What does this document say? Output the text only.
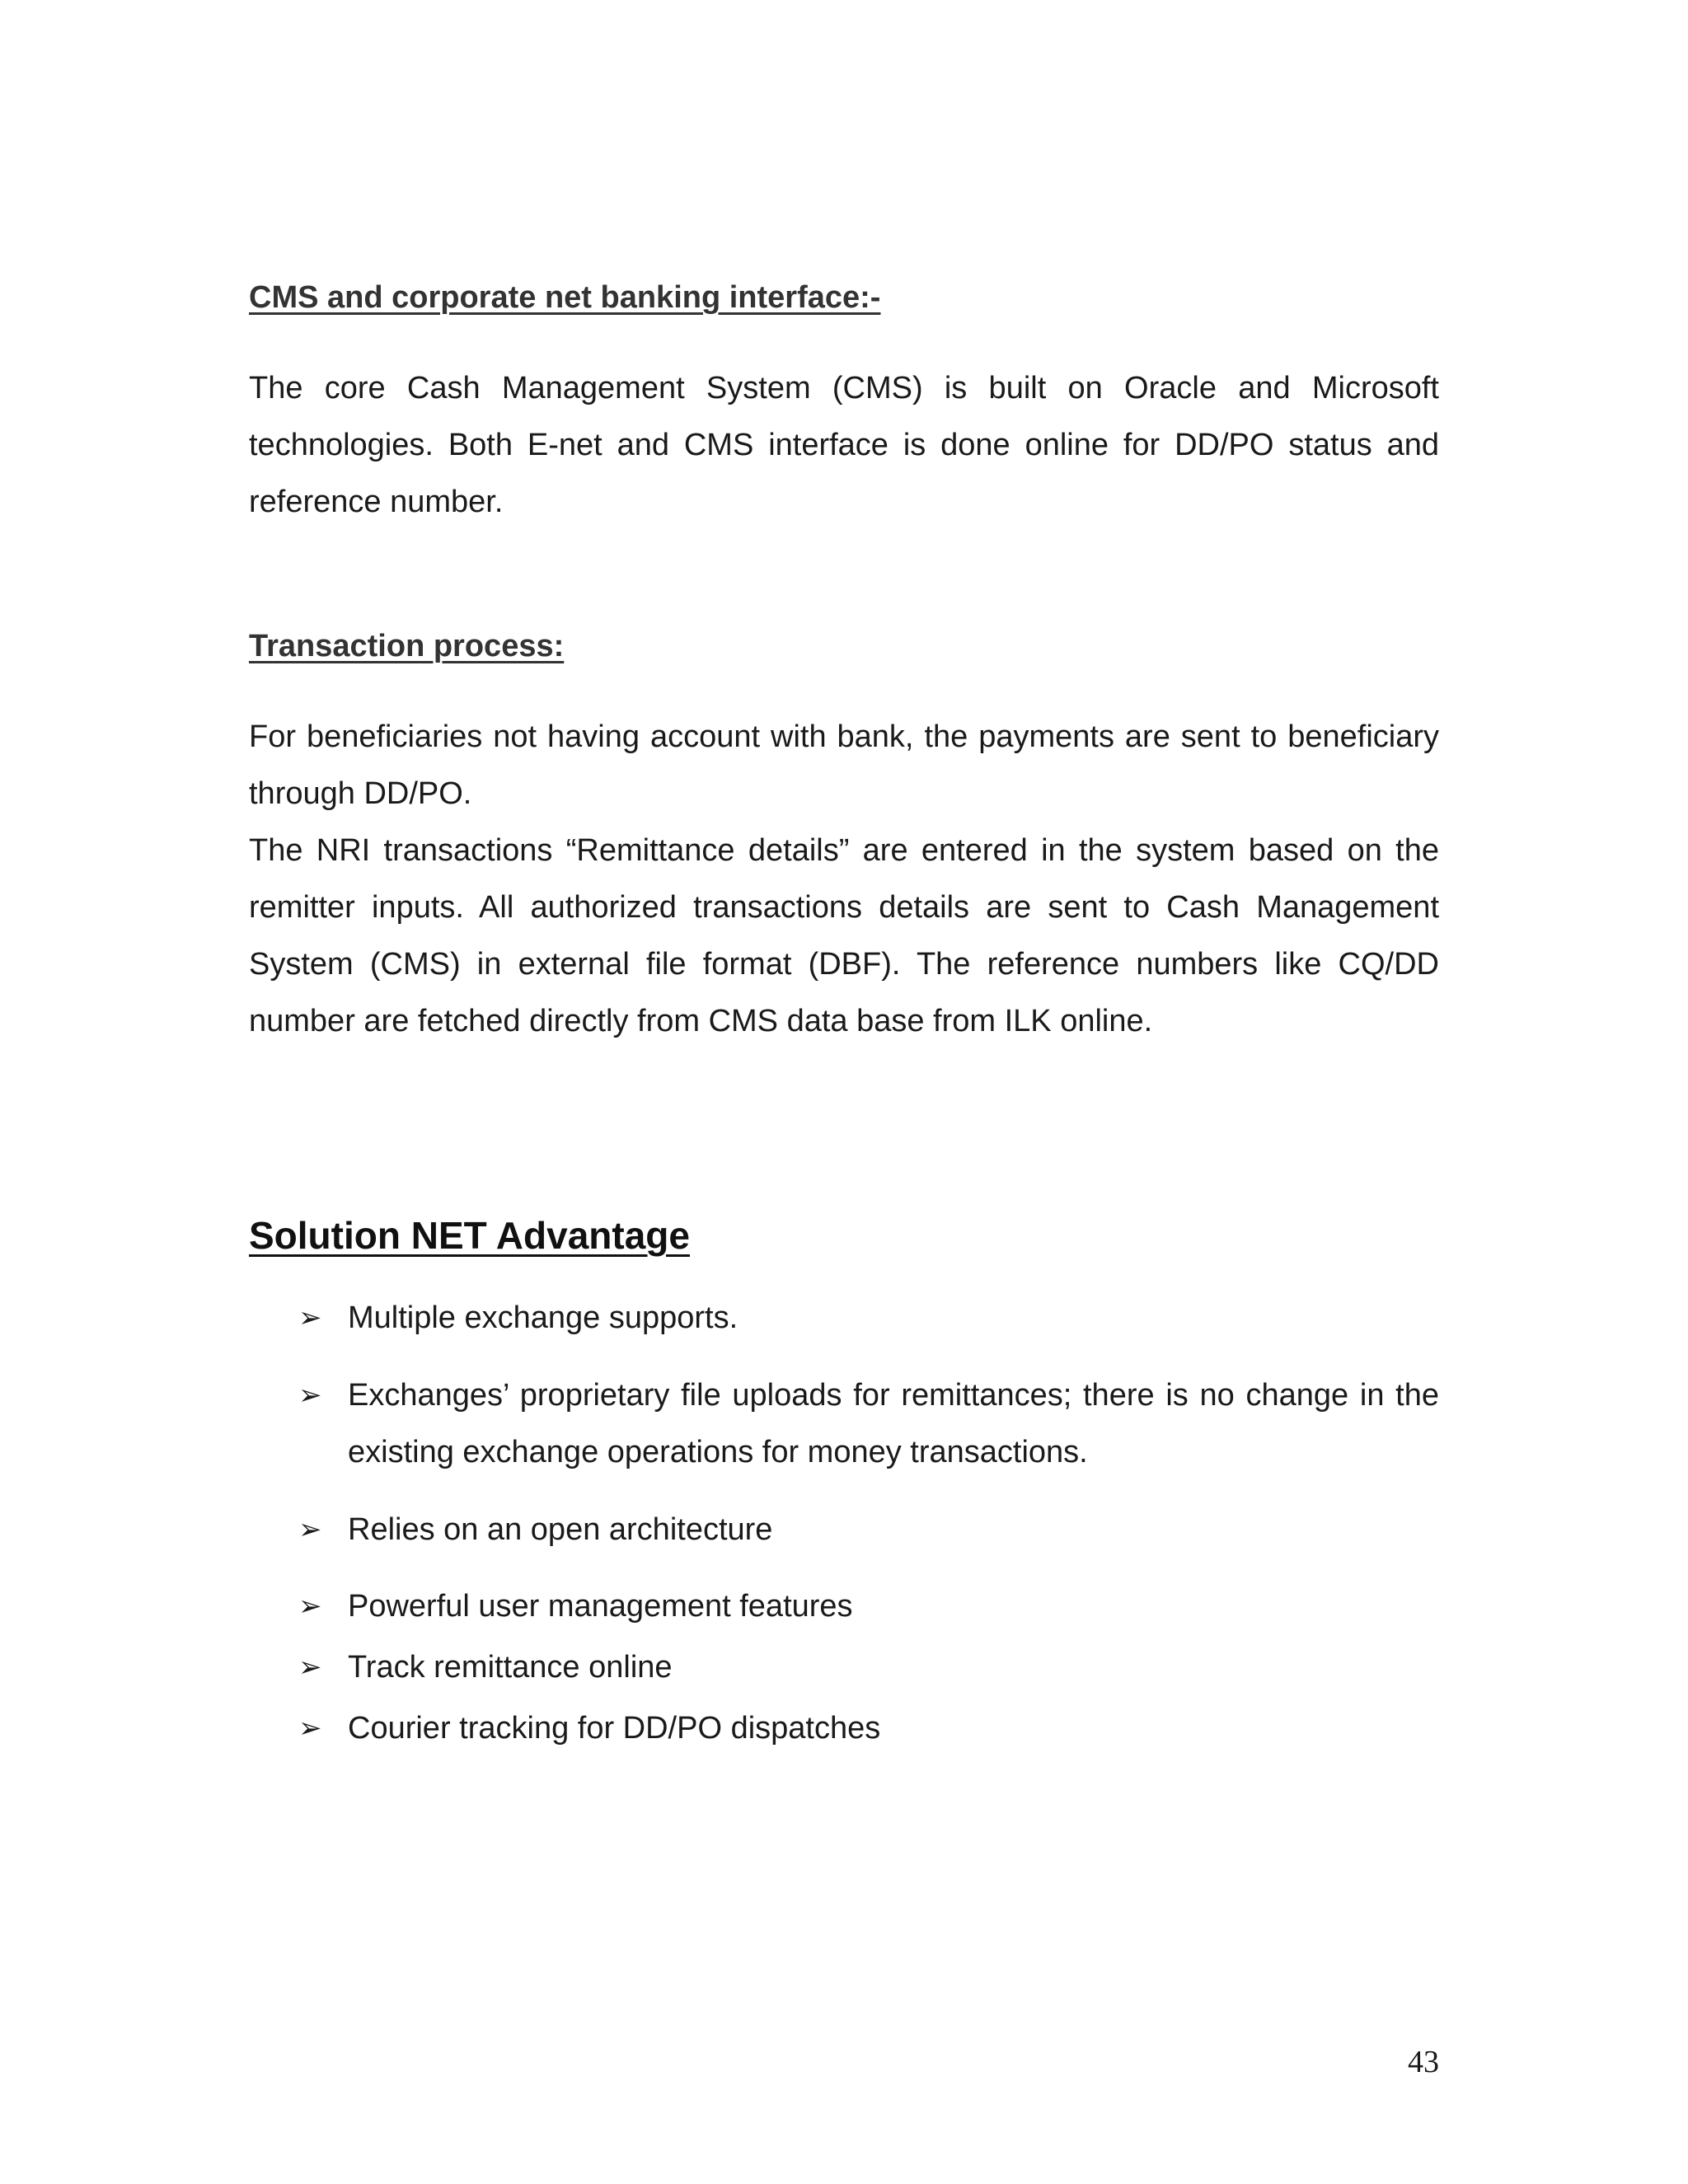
CMS and corporate net banking interface:-

The core Cash Management System (CMS) is built on Oracle and Microsoft technologies. Both E-net and CMS interface is done online for DD/PO status and reference number.

Transaction process:

For beneficiaries not having account with bank, the payments are sent to beneficiary through DD/PO.

The NRI transactions “Remittance details” are entered in the system based on the remitter inputs. All authorized transactions details are sent to Cash Management System (CMS) in external file format (DBF). The reference numbers like CQ/DD number are fetched directly from CMS data base from ILK online.

Solution NET Advantage
➢ Multiple exchange supports.
➢ Exchanges’ proprietary file uploads for remittances; there is no change in the existing exchange operations for money transactions.
➢ Relies on an open architecture
➢ Powerful user management features
➢ Track remittance online
➢ Courier tracking for DD/PO dispatches

43
